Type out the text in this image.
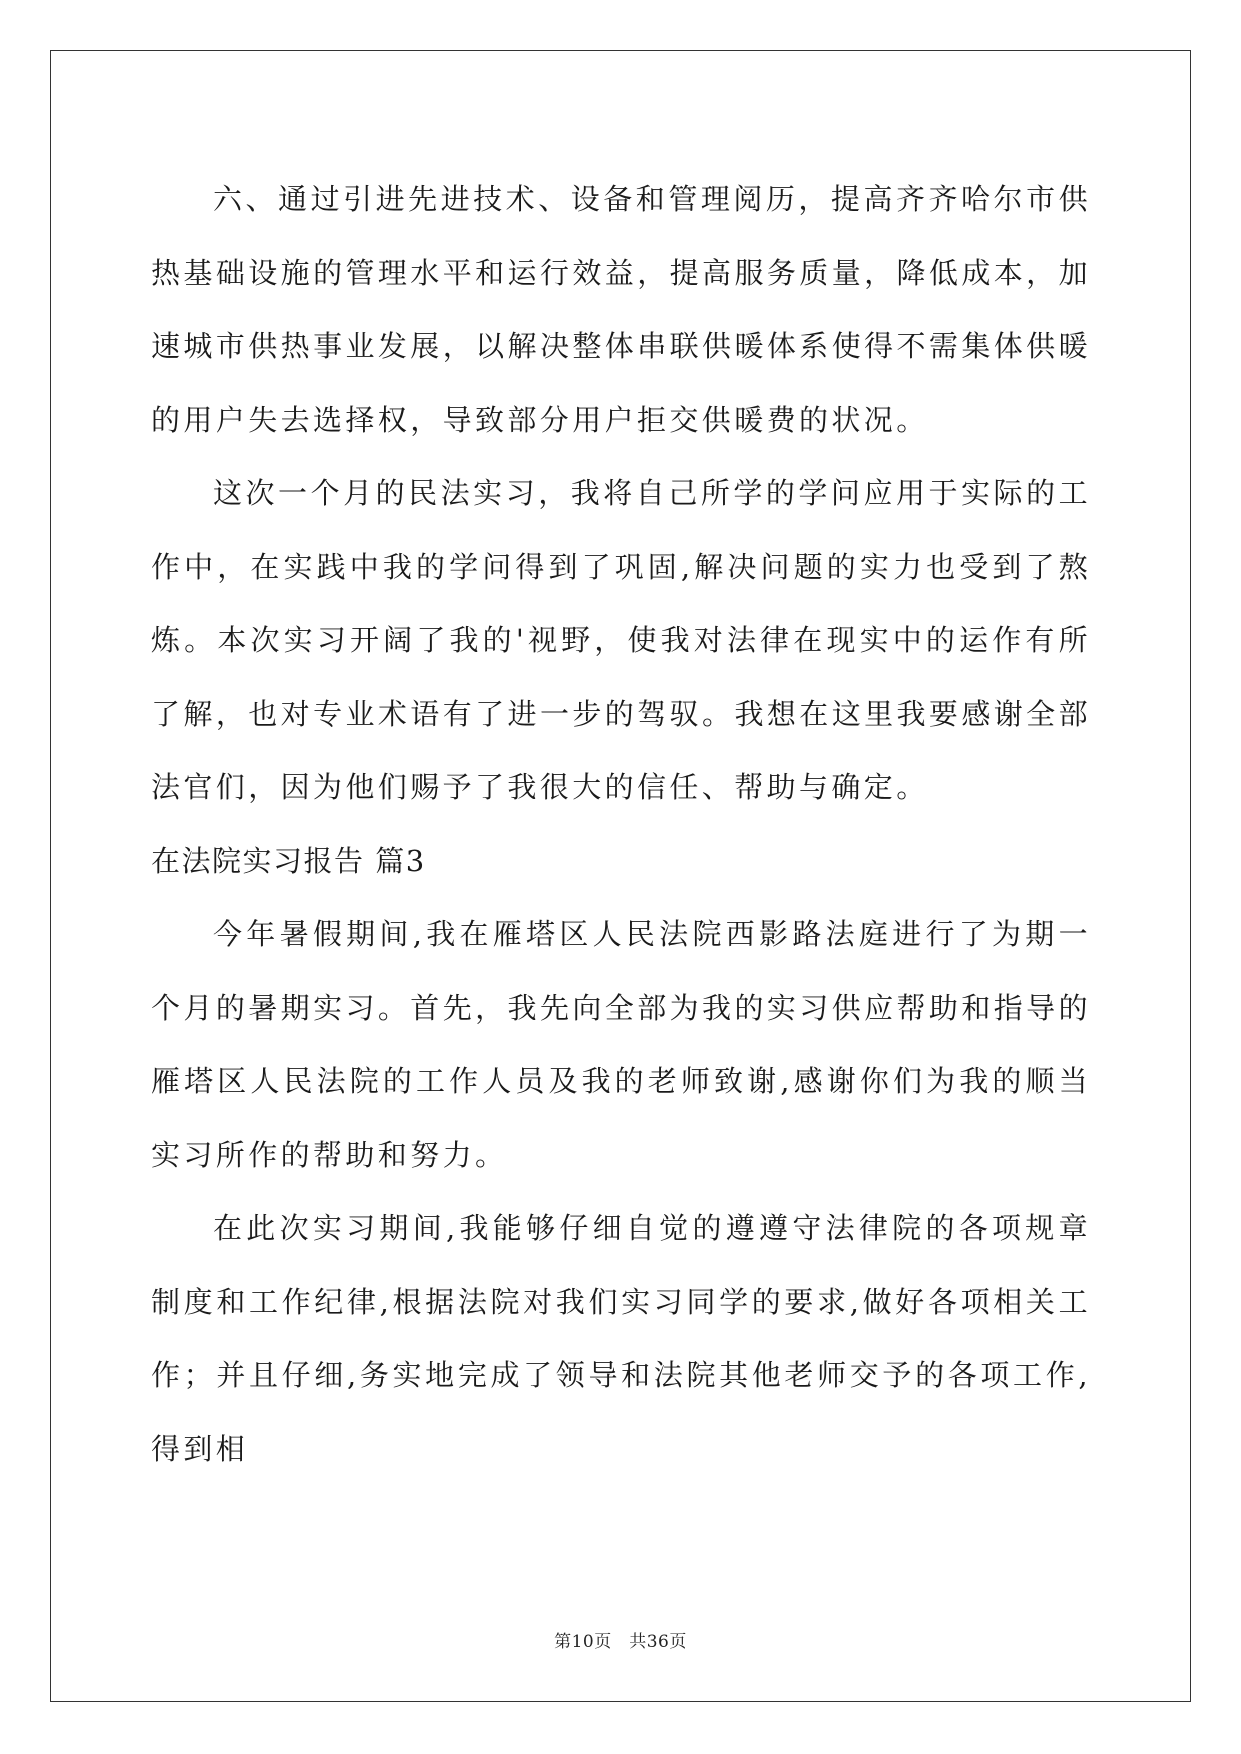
六、通过引进先进技术、设备和管理阅历，提高齐齐哈尔市供热基础设施的管理水平和运行效益，提高服务质量，降低成本，加速城市供热事业发展，以解决整体串联供暖体系使得不需集体供暖的用户失去选择权，导致部分用户拒交供暖费的状况。

这次一个月的民法实习，我将自己所学的学问应用于实际的工作中，在实践中我的学问得到了巩固,解决问题的实力也受到了熬炼。本次实习开阔了我的'视野，使我对法律在现实中的运作有所了解，也对专业术语有了进一步的驾驭。我想在这里我要感谢全部法官们，因为他们赐予了我很大的信任、帮助与确定。

在法院实习报告 篇3

今年暑假期间,我在雁塔区人民法院西影路法庭进行了为期一个月的暑期实习。首先，我先向全部为我的实习供应帮助和指导的雁塔区人民法院的工作人员及我的老师致谢,感谢你们为我的顺当实习所作的帮助和努力。

在此次实习期间,我能够仔细自觉的遵遵守法律院的各项规章制度和工作纪律,根据法院对我们实习同学的要求,做好各项相关工作；并且仔细,务实地完成了领导和法院其他老师交予的各项工作,得到相

第10页　共36页
